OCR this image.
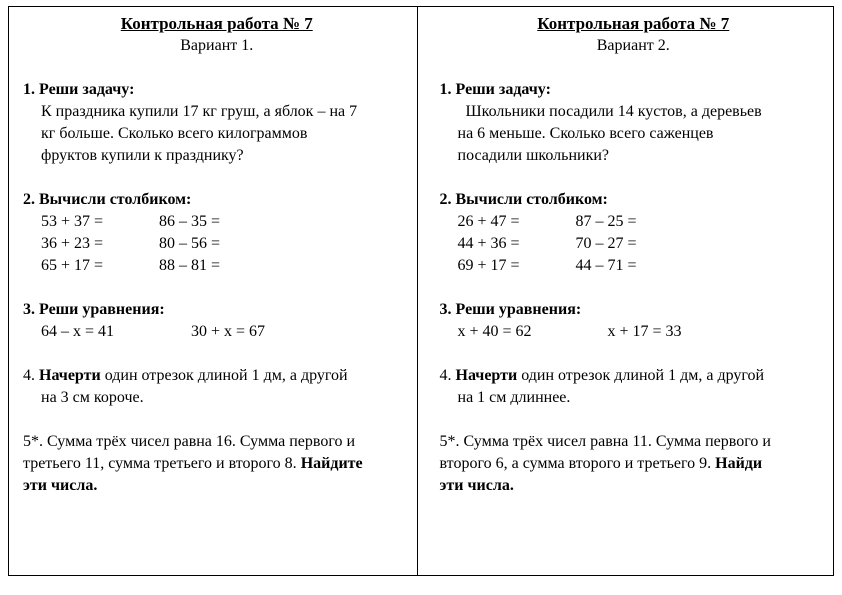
Контрольная работа № 7

Вариант 1.

1. Реши задачу:
К праздника купили 17 кг груш, а яблок – на 7
кг больше. Сколько всего килограммов
фруктов купили к празднику?
2. Вычисли столбиком:
53 + 37 =	86 – 35 =
36 + 23 =	80 – 56 =
65 + 17 =	88 – 81 =
3. Реши уравнения:
64 – x = 41	30 + x = 67
4. Начерти один отрезок длиной 1 дм, а другой
на 3 см короче.
5*. Сумма трёх чисел равна 16. Сумма первого и
третьего 11, сумма третьего и второго 8. Найдите
эти числа.

Контрольная работа № 7

Вариант 2.

1. Реши задачу:
Школьники посадили 14 кустов, а деревьев
на 6 меньше. Сколько всего саженцев
посадили школьники?
2. Вычисли столбиком:
26 + 47 =	87 – 25 =
44 + 36 =	70 – 27 =
69 + 17 =	44 – 71 =
3. Реши уравнения:
x + 40 = 62	x + 17 = 33
4. Начерти один отрезок длиной 1 дм, а другой
на 1 см длиннее.
5*. Сумма трёх чисел равна 11. Сумма первого и
второго 6, а сумма второго и третьего 9. Найди
эти числа.
